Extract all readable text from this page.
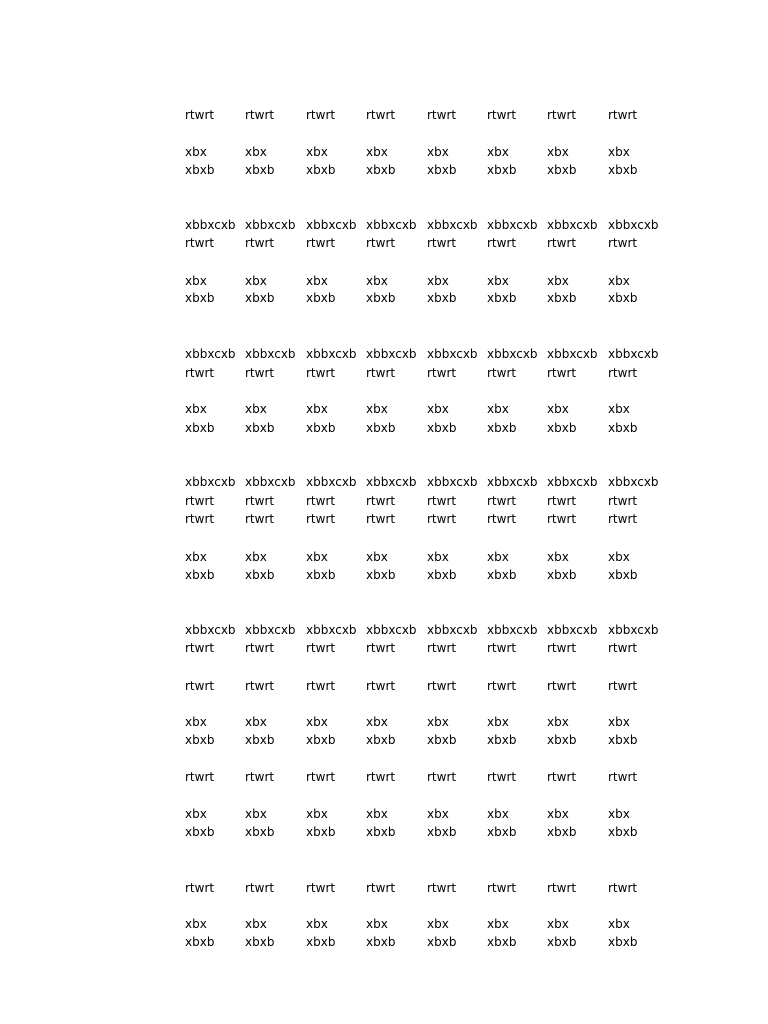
rtwrt	rtwrt	rtwrt	rtwrt	rtwrt	rtwrt	rtwrt	rtwrt
xbx	xbx	xbx	xbx	xbx	xbx	xbx	xbx
xbxb	xbxb	xbxb	xbxb	xbxb	xbxb	xbxb	xbxb
xbbxcxb xbbxcxb xbbxcxb xbbxcxb xbbxcxb xbbxcxb xbbxcxb xbbxcxb
rtwrt	rtwrt	rtwrt	rtwrt	rtwrt	rtwrt	rtwrt	rtwrt
xbx	xbx	xbx	xbx	xbx	xbx	xbx	xbx
xbxb	xbxb	xbxb	xbxb	xbxb	xbxb	xbxb	xbxb
xbbxcxb xbbxcxb xbbxcxb xbbxcxb xbbxcxb xbbxcxb xbbxcxb xbbxcxb
rtwrt	rtwrt	rtwrt	rtwrt	rtwrt	rtwrt	rtwrt	rtwrt
xbx	xbx	xbx	xbx	xbx	xbx	xbx	xbx
xbxb	xbxb	xbxb	xbxb	xbxb	xbxb	xbxb	xbxb
xbbxcxb xbbxcxb xbbxcxb xbbxcxb xbbxcxb xbbxcxb xbbxcxb xbbxcxb
rtwrt	rtwrt	rtwrt	rtwrt	rtwrt	rtwrt	rtwrt	rtwrt
rtwrt	rtwrt	rtwrt	rtwrt	rtwrt	rtwrt	rtwrt	rtwrt
xbx	xbx	xbx	xbx	xbx	xbx	xbx	xbx
xbxb	xbxb	xbxb	xbxb	xbxb	xbxb	xbxb	xbxb
xbbxcxb xbbxcxb xbbxcxb xbbxcxb xbbxcxb xbbxcxb xbbxcxb xbbxcxb
rtwrt	rtwrt	rtwrt	rtwrt	rtwrt	rtwrt	rtwrt	rtwrt
rtwrt	rtwrt	rtwrt	rtwrt	rtwrt	rtwrt	rtwrt	rtwrt
xbx	xbx	xbx	xbx	xbx	xbx	xbx	xbx
xbxb	xbxb	xbxb	xbxb	xbxb	xbxb	xbxb	xbxb
rtwrt	rtwrt	rtwrt	rtwrt	rtwrt	rtwrt	rtwrt	rtwrt
xbx	xbx	xbx	xbx	xbx	xbx	xbx	xbx
xbxb	xbxb	xbxb	xbxb	xbxb	xbxb	xbxb	xbxb
rtwrt	rtwrt	rtwrt	rtwrt	rtwrt	rtwrt	rtwrt	rtwrt
xbx	xbx	xbx	xbx	xbx	xbx	xbx	xbx
xbxb	xbxb	xbxb	xbxb	xbxb	xbxb	xbxb	xbxb
